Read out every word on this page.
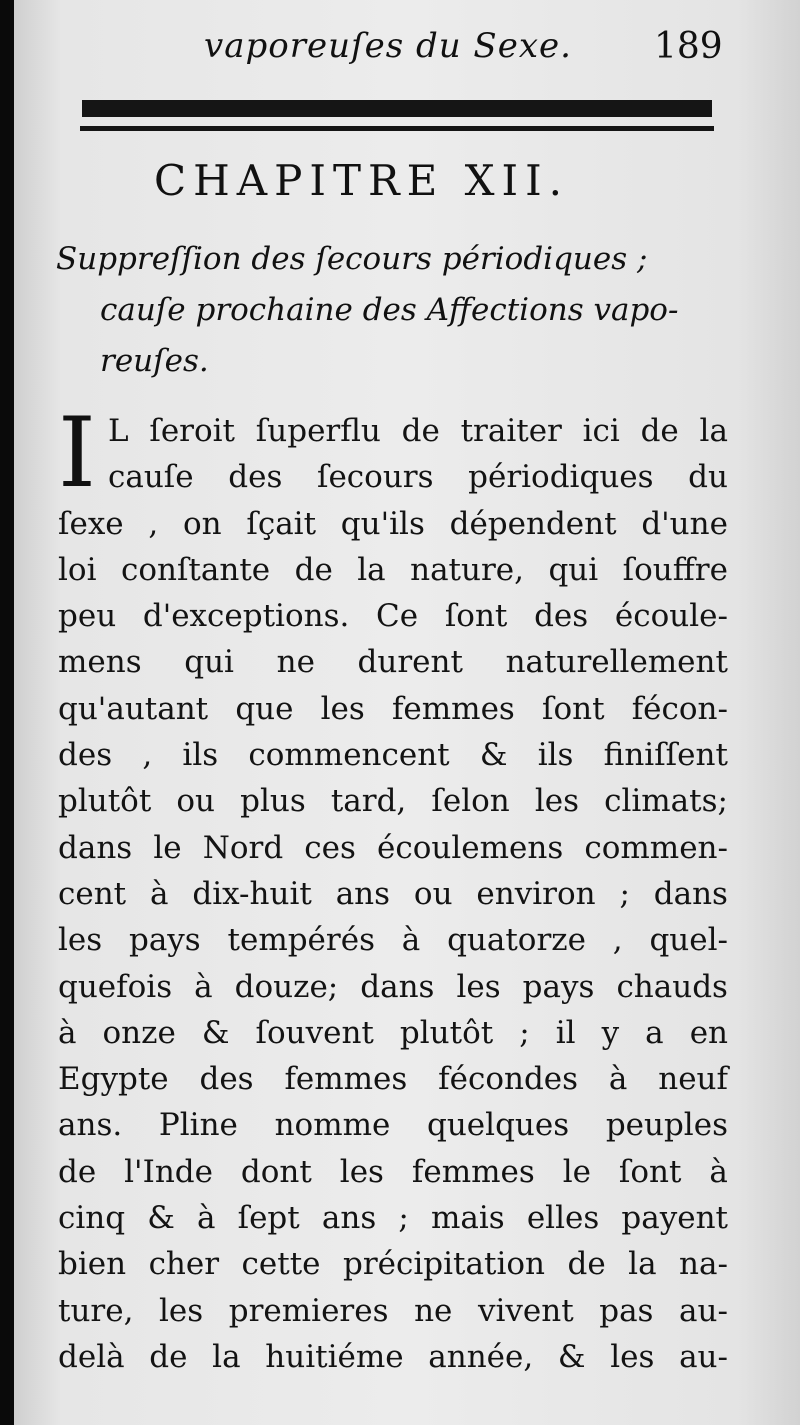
vaporeuſes du Sexe. 189
CHAPITRE XII.
Suppreſſion des ſecours périodiques ;
cauſe prochaine des Affections vapo-
reuſes.
I L ſeroit ſuperflu de traiter ici de la
cauſe des ſecours périodiques du
ſexe , on ſçait qu'ils dépendent d'une
loi conſtante de la nature, qui ſouffre
peu d'exceptions. Ce ſont des écoule-
mens qui ne durent naturellement
qu'autant que les femmes ſont fécon-
des , ils commencent & ils finiſſent
plutôt ou plus tard, ſelon les climats;
dans le Nord ces écoulemens commen-
cent à dix-huit ans ou environ ; dans
les pays tempérés à quatorze , quel-
quefois à douze; dans les pays chauds
à onze & ſouvent plutôt ; il y a en
Egypte des femmes fécondes à neuf
ans. Pline nomme quelques peuples
de l'Inde dont les femmes le ſont à
cinq & à ſept ans ; mais elles payent
bien cher cette précipitation de la na-
ture, les premieres ne vivent pas au-
delà de la huitiéme année, & les au-
